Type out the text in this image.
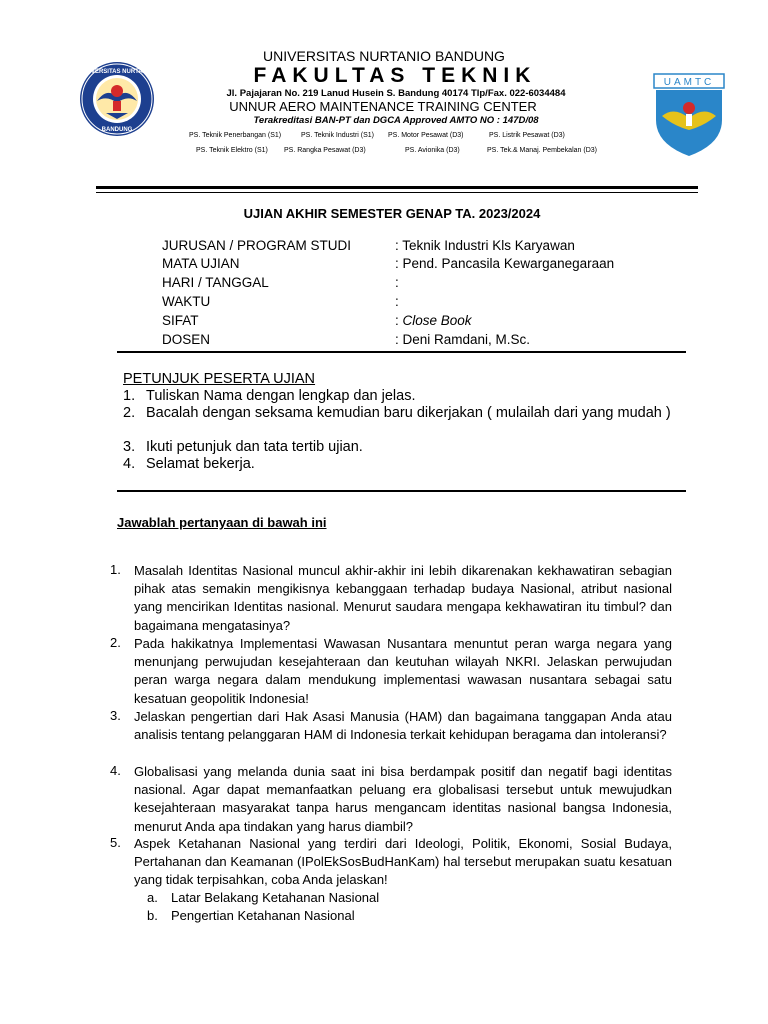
UNIVERSITAS NURTANIO
BANDUNG
UAMTC
UNIVERSITAS NURTANIO BANDUNG
FAKULTAS TEKNIK
Jl. Pajajaran No. 219 Lanud Husein S. Bandung 40174 Tlp/Fax. 022-6034484
UNNUR AERO MAINTENANCE TRAINING CENTER
Terakreditasi BAN-PT dan DGCA Approved AMTO NO : 147D/08
PS. Teknik Penerbangan (S1)	PS. Teknik Industri (S1) PS. Motor Pesawat (D3)	PS. Listrik Pesawat (D3)
PS. Teknik Elektro (S1) PS. Rangka Pesawat (D3)	PS. Avionika (D3)	PS. Tek.& Manaj. Pembekalan (D3)
UJIAN AKHIR SEMESTER GENAP TA. 2023/2024
JURUSAN / PROGRAM STUDI	: Teknik Industri Kls Karyawan
MATA UJIAN	: Pend. Pancasila Kewarganegaraan
HARI / TANGGAL	:
WAKTU	:
SIFAT	: Close Book
DOSEN	: Deni Ramdani, M.Sc.
PETUNJUK PESERTA UJIAN
1. Tuliskan Nama dengan lengkap dan jelas.
2. Bacalah dengan seksama kemudian baru dikerjakan ( mulailah dari yang mudah )
3. Ikuti petunjuk dan tata tertib ujian.
4. Selamat bekerja.
Jawablah pertanyaan di bawah ini
1. Masalah Identitas Nasional muncul akhir-akhir ini lebih dikarenakan kekhawatiran sebagian pihak atas semakin mengikisnya kebanggaan terhadap budaya Nasional, atribut nasional yang mencirikan Identitas nasional. Menurut saudara mengapa kekhawatiran itu timbul? dan bagaimana mengatasinya?
2. Pada hakikatnya Implementasi Wawasan Nusantara menuntut peran warga negara yang menunjang perwujudan kesejahteraan dan keutuhan wilayah NKRI. Jelaskan perwujudan peran warga negara dalam mendukung implementasi wawasan nusantara sebagai satu kesatuan geopolitik Indonesia!
3. Jelaskan pengertian dari Hak Asasi Manusia (HAM) dan bagaimana tanggapan Anda atau analisis tentang pelanggaran HAM di Indonesia terkait kehidupan beragama dan intoleransi?
4. Globalisasi yang melanda dunia saat ini bisa berdampak positif dan negatif bagi identitas nasional. Agar dapat memanfaatkan peluang era globalisasi tersebut untuk mewujudkan kesejahteraan masyarakat tanpa harus mengancam identitas nasional bangsa Indonesia, menurut Anda apa tindakan yang harus diambil?
5. Aspek Ketahanan Nasional yang terdiri dari Ideologi, Politik, Ekonomi, Sosial Budaya, Pertahanan dan Keamanan (IPolEkSosBudHanKam) hal tersebut merupakan suatu kesatuan yang tidak terpisahkan, coba Anda jelaskan!
a. Latar Belakang Ketahanan Nasional
b. Pengertian Ketahanan Nasional
